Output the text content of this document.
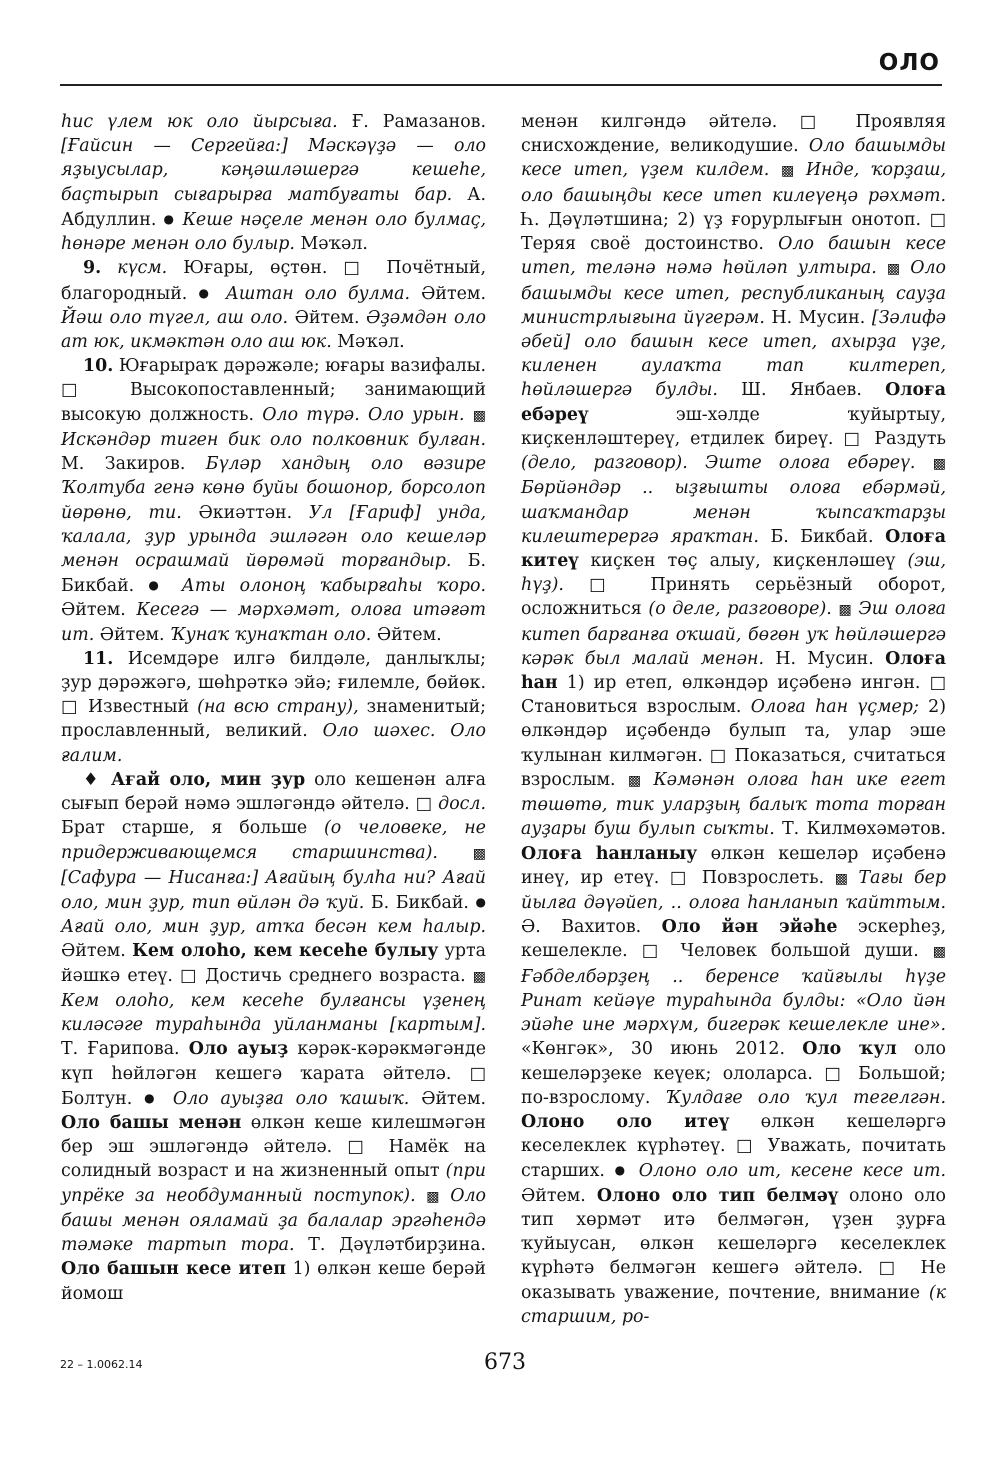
ОЛО

һис үлем юк оло йырсыға. Ғ. Рамазанов. [Ғайсин — Сергейға:] Мәскәүҙә — оло яҙыусылар, кәңәшләшергә кешеһе, баҫтырып сығарырға матбуғаты бар. А. Абдуллин. ● Кеше нәҫеле менән оло булмаҫ, һөнәре менән оло булыр. Мәҡәл.

9. күсм. Юғары, өҫтөн. □	Почётный, благородный. ● Аштан оло булма. Әйтем. Йәш оло түгел, аш оло. Әйтем. Әҙәмдән оло ат юк, икмәктән оло аш юк. Мәҡәл.

10. Юғарыраҡ дәрәжәле; юғары вазифалы. □ Высокопоставленный; занимающий высокую должность. Оло түрә. Оло урын. ▩ Искәндәр тиген бик оло полковник булған. М. Закиров. Бүләр хандың оло вәзире Ҡолтуба генә көнө буйы бошонop, борсолоп йөрөнө, ти. Әкиәттән. Ул [Ғариф] унда, ҡалала, ҙур урында эшләгән оло кешеләр менән осрашмай йөрөмәй торғандыр. Б. Бикбай. ●	Аты олоноң ҡабырғаһы ҡоро. Әйтем. Кесегә — мәрхәмәт, олоға итәғәт ит. Әйтем. Ҡунаҡ ҡунаҡтан оло. Әйтем.

11. Исемдәре илгә билдәле, данлыҡлы; ҙур дәрәжәгә, шөһрәткә эйә; ғилемле, бөйөк. □ Известный (на всю страну), знаменитый; прославленный, великий. Оло шәхес. Оло ғалим.

♦ Ағай оло, мин ҙур оло кешенән алға сығып берәй нәмә эшләгәндә әйтелә. □ досл. Брат старше, я больше (о человеке, не придерживающемся старшинства). ▩ [Сафура — Нисанға:] Ағайың булһа ни? Ағай оло, мин ҙур, тип өйлән дә ҡуй. Б. Бикбай. ● Ағай оло, мин ҙур, атҡа бесән кем һалыр. Әйтем. Кем олоһо, кем кесеһе булыу урта йәшкә етеү. □ Достичь среднего возраста. ▩ Кем олоһо, кем кесеһе булғансы үҙенең киләсәге тураһында уйланманы [картым]. Т. Ғарипова. Оло ауыҙ кәрәк-кәрәкмәгәнде күп һөйләгән кешегә ҡарата әйтелә. □ Болтун. ● Оло ауыҙға оло ҡашыҡ. Әйтем. Оло башы менән өлкән кеше килешмәгән бер эш эшләгәндә әйтелә. □	Намёк на солидный возраст и на жизненный опыт (при упрёке за необдуманный поступок). ▩ Оло башы менән ояламай ҙа балалар эргәһендә тәмәке тартып тора. Т. Дәүләтбирҙина. Оло башын кесе итеп 1) өлкән кеше берәй йомош

менән килгәндә әйтелә. □	Проявляя снисхождение, великодушие. Оло башымды кесе итеп, үҙем килдем. ▩ Инде, ҡорҙаш, оло башыңды кесе итеп килеүеңә рәхмәт. Һ. Дәүләтшина; 2) үҙ ғорурлығын онотоп. □ Теряя своё достоинство. Оло башын кесе итеп, теләнә нәмә һөйләп ултыра. ▩ Оло башымды кесе итеп, республиканың сауҙа министрлығына йүгерәм. Н. Мусин. [Зәлифә әбей] оло башын кесе итеп, ахырҙа үҙе, киленен аулаҡта тап килтереп, һөйләшергә булды. Ш. Янбаев. Олоға ебәреү	эш-хәлде ҡуйыртыу, киҫкенләштереү, етдилек биреү. □ Раздуть (дело, разговор). Эште олоға ебәреү. ▩ Бөрйәндәр .. ыҙғышты олоға ебәрмәй, шаҡмандар менән ҡыпсаҡтарҙы килештерергә яраҡтан. Б. Бикбай. Олоға китеү киҫкен төҫ алыу, киҫкенләшеү (эш, һүҙ). □	Принять серьёзный оборот, осложниться (о деле, разговоре). ▩ Эш олоға китеп барғанға оҡшай, бөгөн уҡ һөйләшергә кәрәк был малай менән. Н. Мусин. Олоға һан 1) ир етеп, өлкәндәр иҫәбенә ингән. □ Становиться взрослым. Олоға һан үҫмер; 2) өлкәндәр иҫәбендә булып та, улар эше ҡулынан килмәгән. □ Показаться, считаться взрослым. ▩ Кәмәнән олоға һан ике егет төшөтө, тик уларҙың балыҡ тота торған ауҙары буш булып сыҡты. Т. Килмөхәмәтов. Олоға һанланыу өлкән кешеләр иҫәбенә инеү, ир етеү. □ Повзрослеть. ▩ Тағы бер йылға дәүәйеп, .. олоға һанланып ҡайттым. Ә. Вахитов. Оло йән эйәһе эскерһеҙ, кешелекле. □	Человек большой души. ▩ Ғәбделбәрҙең .. беренсе ҡайғылы һүҙе Ринат кейәүе тураһында булды: «Оло йән эйәһе ине мәрхүм, бигерәк кешелекле ине». «Көнгәк», 30 июнь 2012. Оло ҡул оло кешеләрҙеке кеүек; ололарса. □	Большой; по-взрослому. Ҡулдағе оло ҡул тегелгән. Олоно оло итеү өлкән кешеләргә кеселеклек күрһәтеү. □ Уважать, почитать старших. ● Олоно оло ит, кесене кесе ит. Әйтем. Олоно оло тип белмәү олоно оло тип хөрмәт итә белмәгән, үҙен ҙурға ҡуйыусан, өлкән кешеләргә кеселеклек күрһәтә белмәгән кешегә әйтелә. □	Не оказывать уважение, почтение, внимание (к старшим, ро-

22 – 1.0062.14	673
